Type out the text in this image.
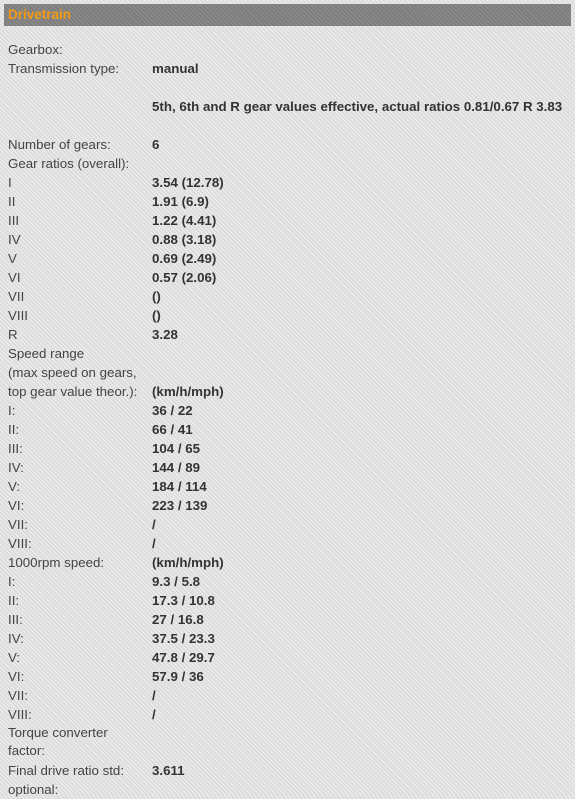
Drivetrain
Gearbox:
Transmission type:	manual
5th, 6th and R gear values effective, actual ratios 0.81/0.67 R 3.83
Number of gears:	6
Gear ratios (overall):
I	3.54 (12.78)
II	1.91 (6.9)
III	1.22 (4.41)
IV	0.88 (3.18)
V	0.69 (2.49)
VI	0.57 (2.06)
VII	()
VIII	()
R	3.28
Speed range
(max speed on gears,
top gear value theor.):	(km/h/mph)
I:	36 / 22
II:	66 / 41
III:	104 / 65
IV:	144 / 89
V:	184 / 114
VI:	223 / 139
VII:	/
VIII:	/
1000rpm speed:	(km/h/mph)
I:	9.3 / 5.8
II:	17.3 / 10.8
III:	27 / 16.8
IV:	37.5 / 23.3
V:	47.8 / 29.7
VI:	57.9 / 36
VII:	/
VIII:	/
Torque converter factor:
Final drive ratio std:	3.611
optional:
